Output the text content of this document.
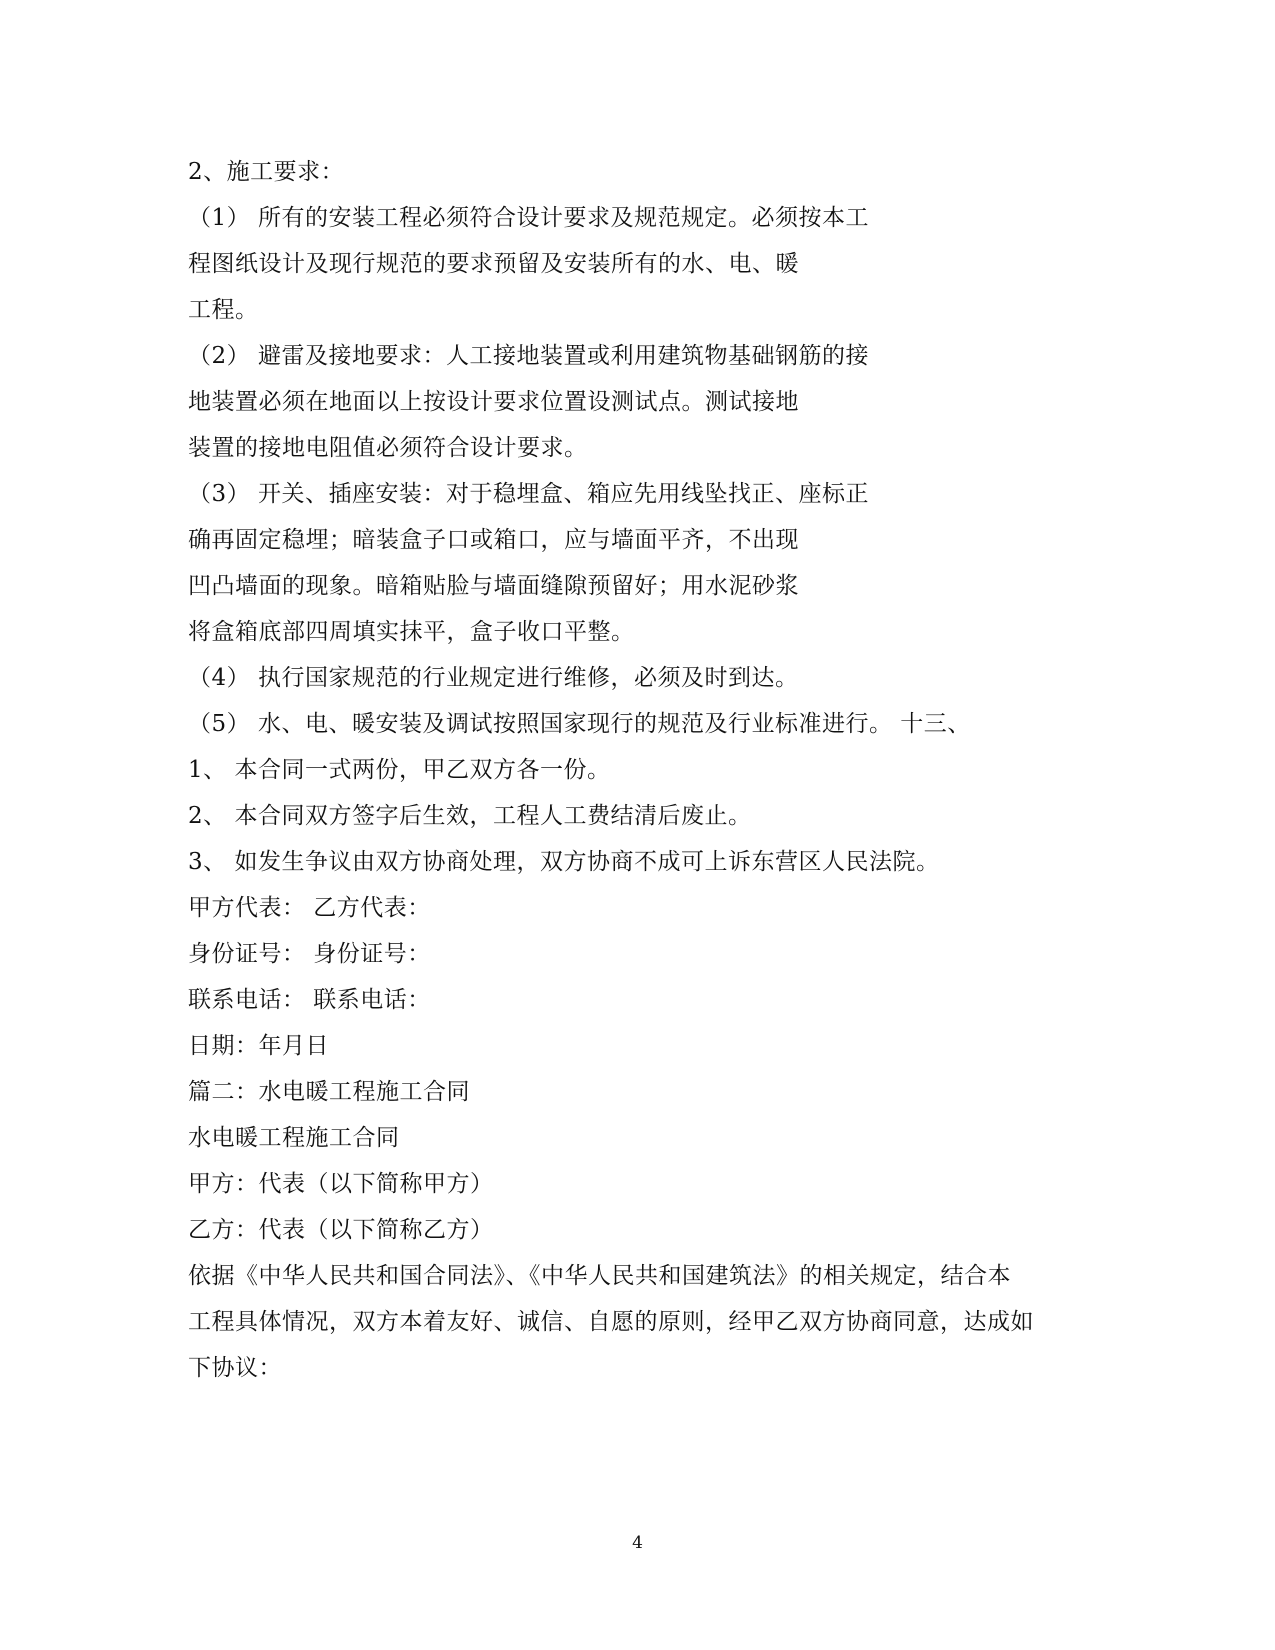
2、施工要求：
（1） 所有的安装工程必须符合设计要求及规范规定。必须按本工
程图纸设计及现行规范的要求预留及安装所有的水、电、暖
工程。
（2） 避雷及接地要求：人工接地装置或利用建筑物基础钢筋的接
地装置必须在地面以上按设计要求位置设测试点。测试接地
装置的接地电阻值必须符合设计要求。
（3） 开关、插座安装：对于稳埋盒、箱应先用线坠找正、座标正
确再固定稳埋；暗装盒子口或箱口，应与墙面平齐，不出现
凹凸墙面的现象。暗箱贴脸与墙面缝隙预留好；用水泥砂浆
将盒箱底部四周填实抹平，盒子收口平整。
（4） 执行国家规范的行业规定进行维修，必须及时到达。
（5） 水、电、暖安装及调试按照国家现行的规范及行业标准进行。 十三、
1、 本合同一式两份，甲乙双方各一份。
2、 本合同双方签字后生效，工程人工费结清后废止。
3、 如发生争议由双方协商处理，双方协商不成可上诉东营区人民法院。
甲方代表： 乙方代表：
身份证号： 身份证号：
联系电话： 联系电话：
日期：年月日
篇二：水电暖工程施工合同
水电暖工程施工合同
甲方：代表（以下简称甲方）
乙方：代表（以下简称乙方）
依据《中华人民共和国合同法》、《中华人民共和国建筑法》的相关规定，结合本
工程具体情况，双方本着友好、诚信、自愿的原则，经甲乙双方协商同意，达成如
下协议：
4
